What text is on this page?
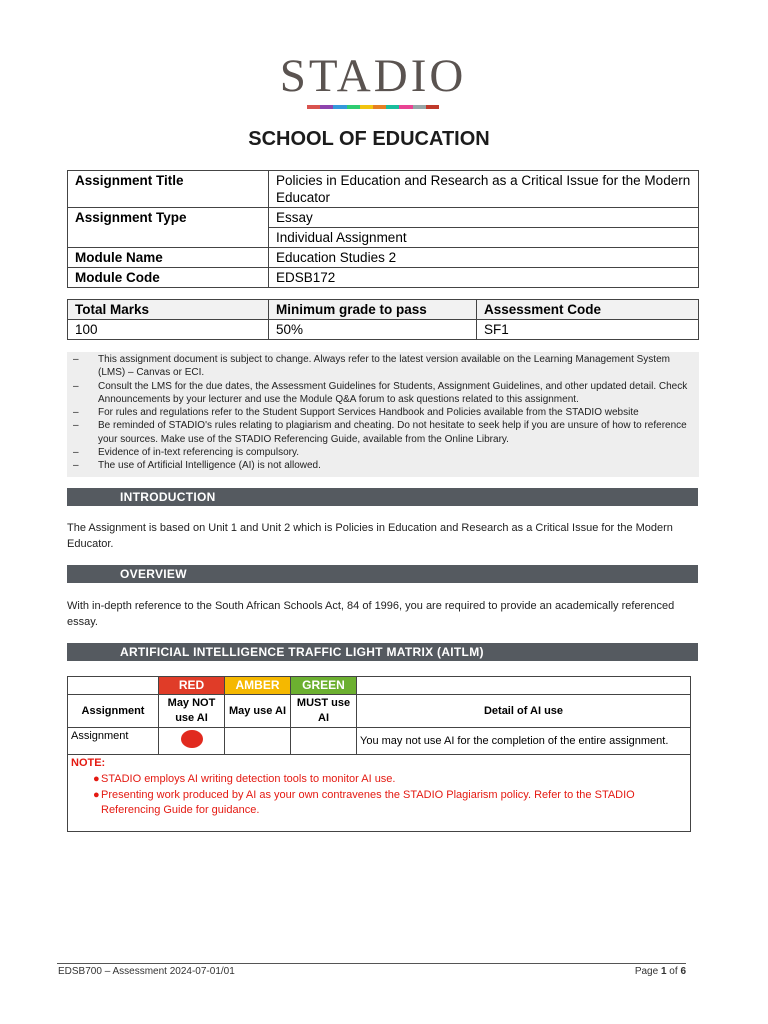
STADIO
SCHOOL OF EDUCATION
Assignment Title	Policies in Education and Research as a Critical Issue for the Modern Educator
Assignment Type	Essay
	Individual Assignment
Module Name	Education Studies 2
Module Code	EDSB172
Total Marks	Minimum grade to pass	Assessment Code
100	50%	SF1
–	This assignment document is subject to change. Always refer to the latest version available on the Learning Management System (LMS) – Canvas or ECI.
–	Consult the LMS for the due dates, the Assessment Guidelines for Students, Assignment Guidelines, and other updated detail. Check Announcements by your lecturer and use the Module Q&A forum to ask questions related to this assignment.
–	For rules and regulations refer to the Student Support Services Handbook and Policies available from the STADIO website
–	Be reminded of STADIO's rules relating to plagiarism and cheating. Do not hesitate to seek help if you are unsure of how to reference your sources. Make use of the STADIO Referencing Guide, available from the Online Library.
–	Evidence of in-text referencing is compulsory.
–	The use of Artificial Intelligence (AI) is not allowed.
INTRODUCTION
The Assignment is based on Unit 1 and Unit 2 which is Policies in Education and Research as a Critical Issue for the Modern Educator.
OVERVIEW
With in-depth reference to the South African Schools Act, 84 of 1996, you are required to provide an academically referenced essay.
ARTIFICIAL INTELLIGENCE TRAFFIC LIGHT MATRIX (AITLM)
	RED	AMBER	GREEN	
Assignment	May NOT use AI	May use AI	MUST use AI	Detail of AI use
Assignment				You may not use AI for the completion of the entire assignment.

NOTE:
● STADIO employs AI writing detection tools to monitor AI use.
● Presenting work produced by AI as your own contravenes the STADIO Plagiarism policy. Refer to the STADIO Referencing Guide for guidance.				
EDSB700 – Assessment 2024-07-01/01	Page 1 of 6
